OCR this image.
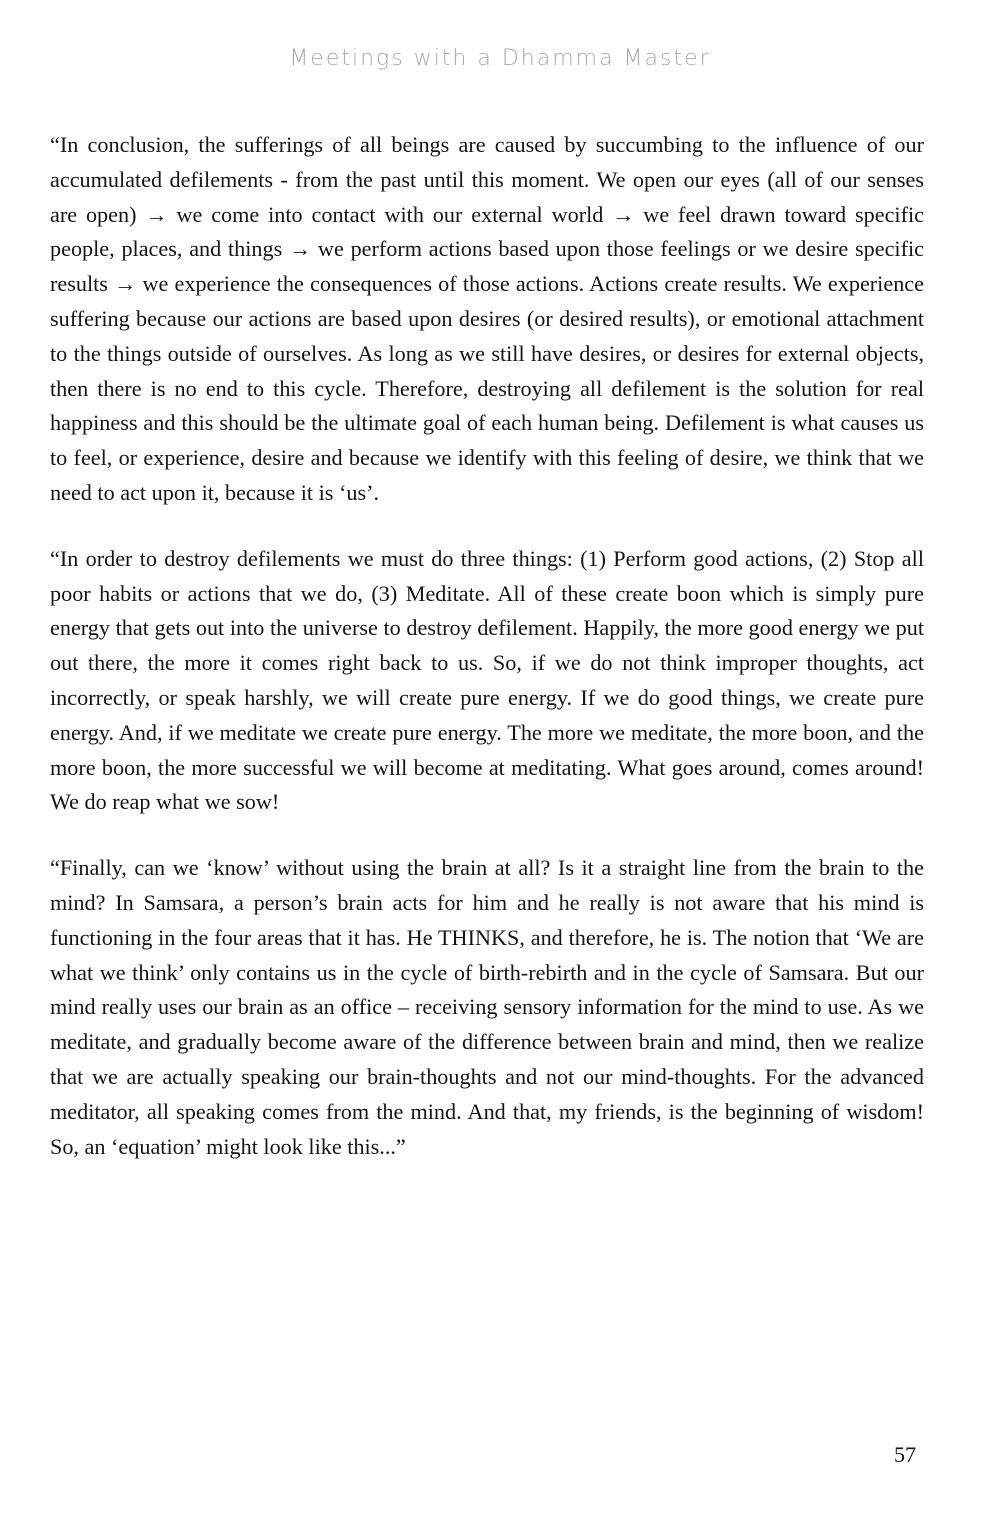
Meetings with a Dhamma Master

“In conclusion, the sufferings of all beings are caused by succumbing to the influence of our accumulated defilements - from the past until this moment. We open our eyes (all of our senses are open) → we come into contact with our external world → we feel drawn toward specific people, places, and things → we perform actions based upon those feelings or we desire specific results → we experience the consequences of those actions. Actions create results. We experience suffering because our actions are based upon desires (or desired results), or emotional attachment to the things outside of ourselves. As long as we still have desires, or desires for external objects, then there is no end to this cycle. Therefore, destroying all defilement is the solution for real happiness and this should be the ultimate goal of each human being. Defilement is what causes us to feel, or experience, desire and because we identify with this feeling of desire, we think that we need to act upon it, because it is ‘us’.

“In order to destroy defilements we must do three things: (1) Perform good actions, (2) Stop all poor habits or actions that we do, (3) Meditate. All of these create boon which is simply pure energy that gets out into the universe to destroy defilement. Happily, the more good energy we put out there, the more it comes right back to us. So, if we do not think improper thoughts, act incorrectly, or speak harshly, we will create pure energy. If we do good things, we create pure energy. And, if we meditate we create pure energy. The more we meditate, the more boon, and the more boon, the more successful we will become at meditating. What goes around, comes around! We do reap what we sow!

“Finally, can we ‘know’ without using the brain at all? Is it a straight line from the brain to the mind? In Samsara, a person’s brain acts for him and he really is not aware that his mind is functioning in the four areas that it has. He THINKS, and therefore, he is. The notion that ‘We are what we think’ only contains us in the cycle of birth-rebirth and in the cycle of Samsara. But our mind really uses our brain as an office – receiving sensory information for the mind to use. As we meditate, and gradually become aware of the difference between brain and mind, then we realize that we are actually speaking our brain-thoughts and not our mind-thoughts. For the advanced meditator, all speaking comes from the mind. And that, my friends, is the beginning of wisdom! So, an ‘equation’ might look like this...”

57
